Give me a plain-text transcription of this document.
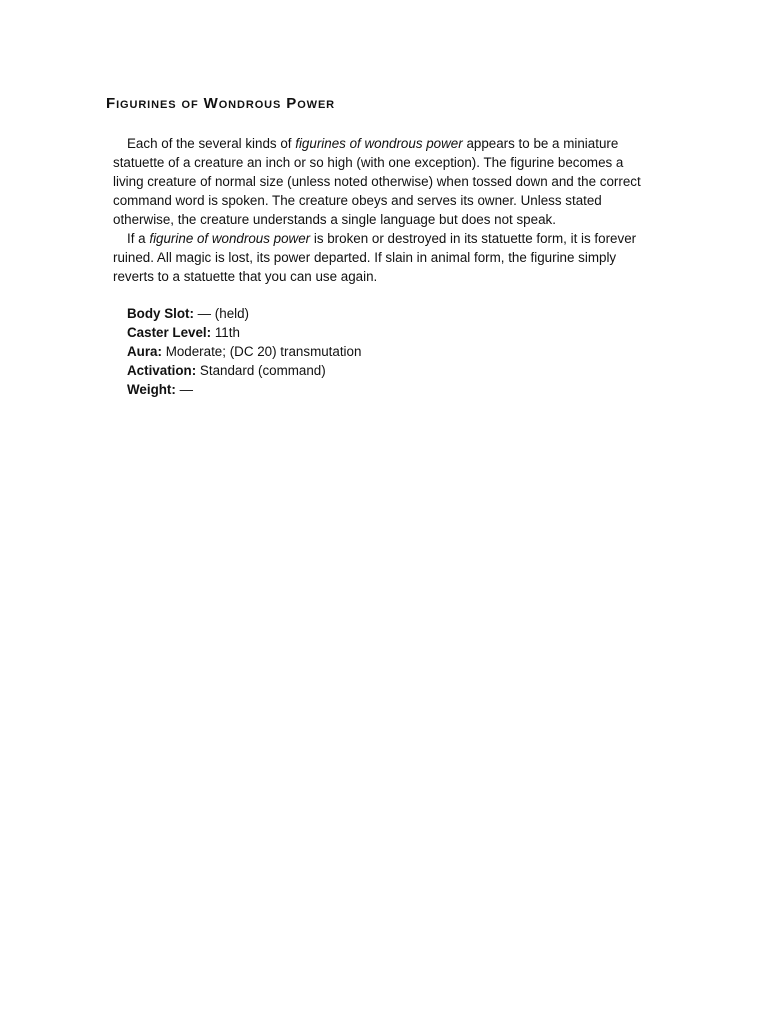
Figurines of Wondrous Power

Each of the several kinds of figurines of wondrous power appears to be a miniature statuette of a creature an inch or so high (with one exception). The figurine becomes a living creature of normal size (unless noted otherwise) when tossed down and the correct command word is spoken. The creature obeys and serves its owner. Unless stated otherwise, the creature understands a single language but does not speak.

If a figurine of wondrous power is broken or destroyed in its statuette form, it is forever ruined. All magic is lost, its power departed. If slain in animal form, the figurine simply reverts to a statuette that you can use again.

Body Slot: — (held)
Caster Level: 11th
Aura: Moderate; (DC 20) transmutation
Activation: Standard (command)
Weight: —
